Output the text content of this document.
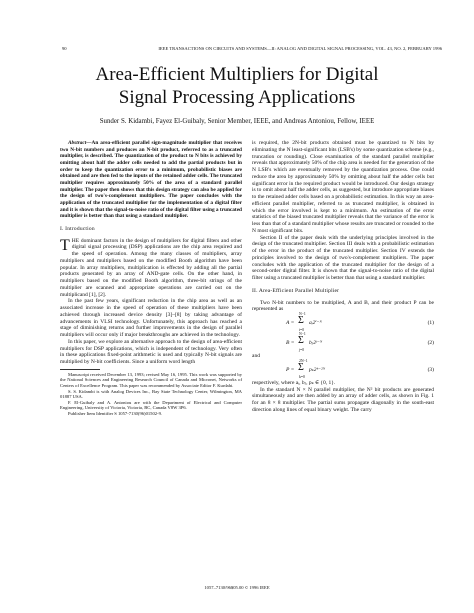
90	IEEE TRANSACTIONS ON CIRCUITS AND SYSTEMS—II: ANALOG AND DIGITAL SIGNAL PROCESSING, VOL. 43, NO. 2, FEBRUARY 1996
Area-Efficient Multipliers for Digital
Signal Processing Applications
Sunder S. Kidambi, Fayez El-Guibaly, Senior Member, IEEE, and Andreas Antoniou, Fellow, IEEE

Abstract—An area-efficient parallel sign-magnitude multiplier that receives two N-bit numbers and produces an N-bit product, referred to as a truncated multiplier, is described. The quantization of the product to N bits is achieved by omitting about half the adder cells needed to add the partial products but in order to keep the quantization error to a minimum, probabilistic biases are obtained and are then fed to the inputs of the retained adder cells. The truncated multiplier requires approximately 50% of the area of a standard parallel multiplier. The paper then shows that this design strategy can also be applied for the design of two's-complement multipliers. The paper concludes with the application of the truncated multiplier for the implementation of a digital filter and it is shown that the signal-to-noise ratio of the digital filter using a truncated multiplier is better than that using a standard multiplier.

I. Introduction

THE dominant factors in the design of multipliers for digital filters and other digital signal processing (DSP) applications are the chip area required and the speed of operation. Among the many classes of multipliers, array multipliers and multipliers based on the modified Booth algorithm have been popular. In array multipliers, multiplication is effected by adding all the partial products generated by an array of AND-gate cells. On the other hand, in multipliers based on the modified Booth algorithm, three-bit strings of the multiplier are scanned and appropriate operations are carried out on the multiplicand [1], [2].

In the past few years, significant reduction in the chip area as well as an associated increase in the speed of operation of these multipliers have been achieved through increased device density [3]–[8] by taking advantage of advancements in VLSI technology. Unfortunately, this approach has reached a stage of diminishing returns and further improvements in the design of parallel multipliers will occur only if major breakthroughs are achieved in the technology.

In this paper, we explore an alternative approach to the design of area-efficient multipliers for DSP applications, which is independent of technology. Very often in these applications fixed-point arithmetic is used and typically N-bit signals are multiplied by N-bit coefficients. Since a uniform word length

Manuscript received December 13, 1993; revised May 16, 1995. This work was supported by the National Sciences and Engineering Research Council of Canada and Micronet, Networks of Centers of Excellence Program. This paper was recommended by Associate Editor F. Kurdahi.

S. S. Kidambi is with Analog Devices Inc., Bay State Technology Center, Wilmington, MA 01887 USA.

F. El-Guibaly and A. Antoniou are with the Department of Electrical and Computer Engineering, University of Victoria, Victoria, BC, Canada V8W 3P6.

Publisher Item Identifier S 1057-7130(96)01502-9.

is required, the 2N-bit products obtained must be quantized to N bits by eliminating the N least-significant bits (LSB's) by some quantization scheme (e.g., truncation or rounding). Close examination of the standard parallel multiplier reveals that approximately 50% of the chip area is needed for the generation of the N LSB's which are eventually removed by the quantization process. One could reduce the area by approximately 50% by omitting about half the adder cells but significant error in the required product would be introduced. Our design strategy is to omit about half the adder cells, as suggested, but introduce appropriate biases to the retained adder cells based on a probabilistic estimation. In this way an area-efficient parallel multiplier, referred to as truncated multiplier, is obtained in which the error involved is kept to a minimum. An estimation of the error statistics of the biased truncated multiplier reveals that the variance of the error is less than that of a standard multiplier whose results are truncated or rounded to the N most significant bits.

Section II of the paper deals with the underlying principles involved in the design of the truncated multiplier. Section III deals with a probabilistic estimation of the error in the product of the truncated multiplier. Section IV extends the principles involved to the design of two's-complement multipliers. The paper concludes with the application of the truncated multiplier for the design of a second-order digital filter. It is shown that the signal-to-noise ratio of the digital filter using a truncated multiplier is better than that using a standard multiplier.

II. Area-Efficient Parallel Multiplier

Two N-bit numbers to be multiplied, A and B, and their product P can be represented as

A =
N−1
Σ
i=0
aᵢ2ⁱ⁻ᴺ	(1)
B =
N−1
Σ
j=0
bⱼ2ʲ⁻ᴺ	(2)

and

P =
2N−1
Σ
k=0
pₖ2ᵏ⁻²ᴺ	(3)

respectively, where aᵢ, bⱼ, pₖ ∈ {0, 1}.

In the standard N × N parallel multiplier, the N² bit products are generated simultaneously and are then added by an array of adder cells, as shown in Fig. 1 for an 8 × 8 multiplier. The partial sums propagate diagonally in the south-east direction along lines of equal binary weight. The carry

1057–7130/96$05.00 © 1996 IEEE
